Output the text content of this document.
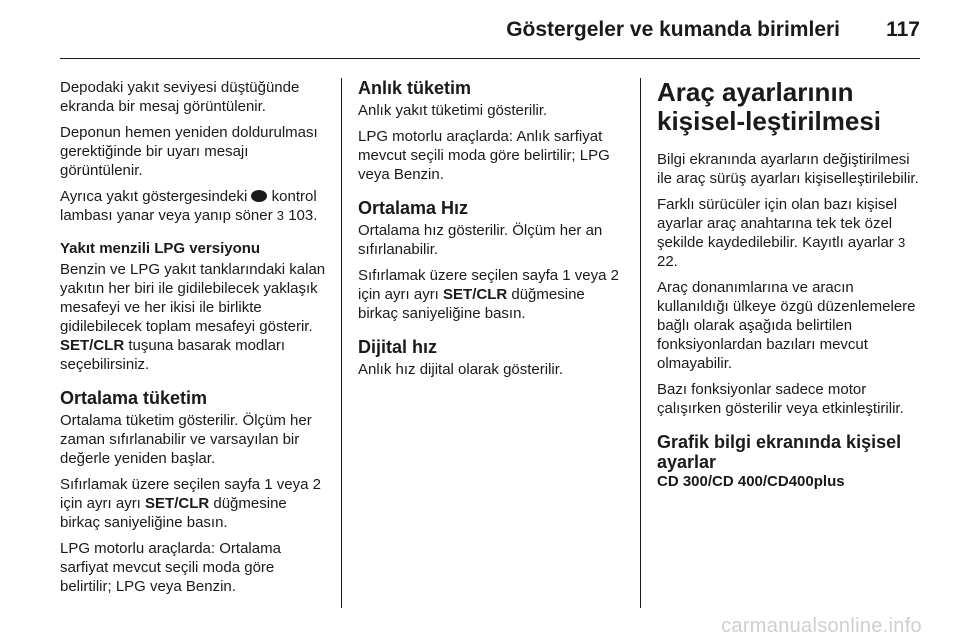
Göstergeler ve kumanda birimleri 117

Depodaki yakıt seviyesi düştüğünde ekranda bir mesaj görüntülenir.

Deponun hemen yeniden doldurulması gerektiğinde bir uyarı mesajı görüntülenir.

Ayrıca yakıt göstergesindeki  kontrol lambası yanar veya yanıp söner 3 103.

Yakıt menzili LPG versiyonu

Benzin ve LPG yakıt tanklarındaki kalan yakıtın her biri ile gidilebilecek yaklaşık mesafeyi ve her ikisi ile birlikte gidilebilecek toplam mesafeyi gösterir. SET/CLR tuşuna basarak modları seçebilirsiniz.

Ortalama tüketim

Ortalama tüketim gösterilir. Ölçüm her zaman sıfırlanabilir ve varsayılan bir değerle yeniden başlar.

Sıfırlamak üzere seçilen sayfa 1 veya 2 için ayrı ayrı SET/CLR düğmesine birkaç saniyeliğine basın.

LPG motorlu araçlarda: Ortalama sarfiyat mevcut seçili moda göre belirtilir; LPG veya Benzin.

Anlık tüketim

Anlık yakıt tüketimi gösterilir.

LPG motorlu araçlarda: Anlık sarfiyat mevcut seçili moda göre belirtilir; LPG veya Benzin.

Ortalama Hız

Ortalama hız gösterilir. Ölçüm her an sıfırlanabilir.

Sıfırlamak üzere seçilen sayfa 1 veya 2 için ayrı ayrı SET/CLR düğmesine birkaç saniyeliğine basın.

Dijital hız

Anlık hız dijital olarak gösterilir.

Araç ayarlarının kişisel-leştirilmesi

Bilgi ekranında ayarların değiştirilmesi ile araç sürüş ayarları kişiselleştirilebilir.

Farklı sürücüler için olan bazı kişisel ayarlar araç anahtarına tek tek özel şekilde kaydedilebilir. Kayıtlı ayarlar 3 22.

Araç donanımlarına ve aracın kullanıldığı ülkeye özgü düzenlemelere bağlı olarak aşağıda belirtilen fonksiyonlardan bazıları mevcut olmayabilir.

Bazı fonksiyonlar sadece motor çalışırken gösterilir veya etkinleştirilir.

Grafik bilgi ekranında kişisel ayarlar
CD 300/CD 400/CD400plus
carmanualsonline.info
